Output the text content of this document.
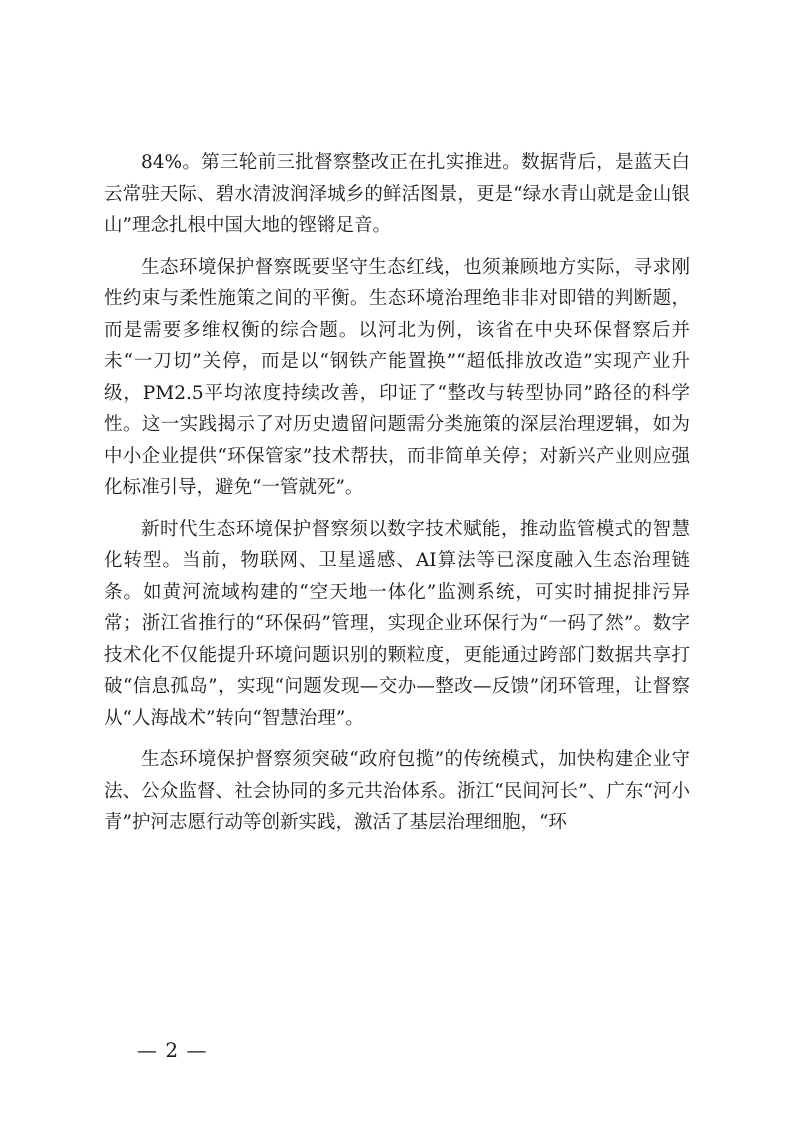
84%。第三轮前三批督察整改正在扎实推进。数据背后，是蓝天白云常驻天际、碧水清波润泽城乡的鲜活图景，更是“绿水青山就是金山银山”理念扎根中国大地的铿锵足音。

生态环境保护督察既要坚守生态红线，也须兼顾地方实际，寻求刚性约束与柔性施策之间的平衡。生态环境治理绝非非对即错的判断题，而是需要多维权衡的综合题。以河北为例，该省在中央环保督察后并未“一刀切”关停，而是以“钢铁产能置换”“超低排放改造”实现产业升级，PM2.5平均浓度持续改善，印证了“整改与转型协同”路径的科学性。这一实践揭示了对历史遗留问题需分类施策的深层治理逻辑，如为中小企业提供“环保管家”技术帮扶，而非简单关停；对新兴产业则应强化标准引导，避免“一管就死”。

新时代生态环境保护督察须以数字技术赋能，推动监管模式的智慧化转型。当前，物联网、卫星遥感、AI算法等已深度融入生态治理链条。如黄河流域构建的“空天地一体化”监测系统，可实时捕捉排污异常；浙江省推行的“环保码”管理，实现企业环保行为“一码了然”。数字技术化不仅能提升环境问题识别的颗粒度，更能通过跨部门数据共享打破“信息孤岛”，实现“问题发现—交办—整改—反馈”闭环管理，让督察从“人海战术”转向“智慧治理”。

生态环境保护督察须突破“政府包揽”的传统模式，加快构建企业守法、公众监督、社会协同的多元共治体系。浙江“民间河长”、广东“河小青”护河志愿行动等创新实践，激活了基层治理细胞，“环

— 2 —
